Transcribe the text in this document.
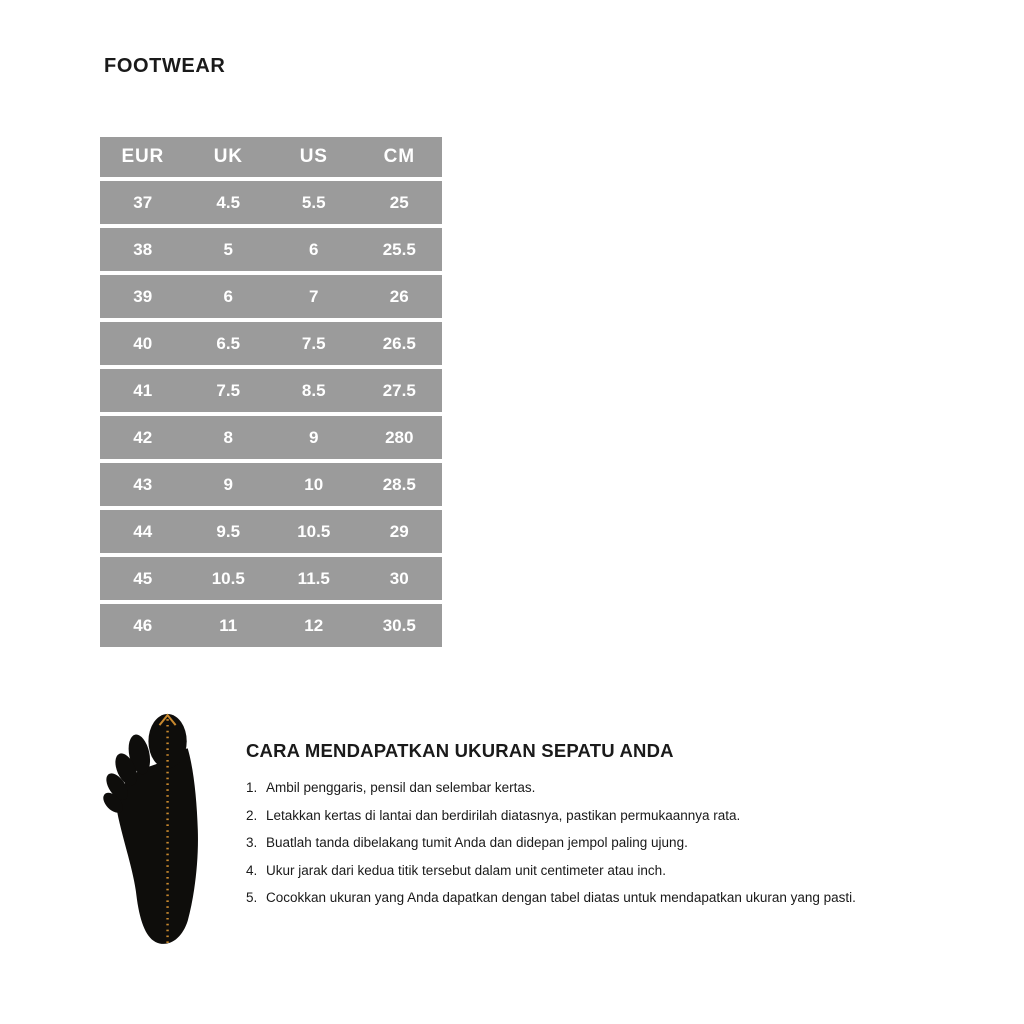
FOOTWEAR
EUR	UK	US	CM
37	4.5	5.5	25
38	5	6	25.5
39	6	7	26
40	6.5	7.5	26.5
41	7.5	8.5	27.5
42	8	9	280
43	9	10	28.5
44	9.5	10.5	29
45	10.5	11.5	30
46	11	12	30.5
CARA MENDAPATKAN UKURAN SEPATU ANDA
1. Ambil penggaris, pensil dan selembar kertas.
2. Letakkan kertas di lantai dan berdirilah diatasnya, pastikan permukaannya rata.
3. Buatlah tanda dibelakang tumit Anda dan didepan jempol paling ujung.
4. Ukur jarak dari kedua titik tersebut dalam unit centimeter atau inch.
5. Cocokkan ukuran yang Anda dapatkan dengan tabel diatas untuk mendapatkan ukuran yang pasti.
